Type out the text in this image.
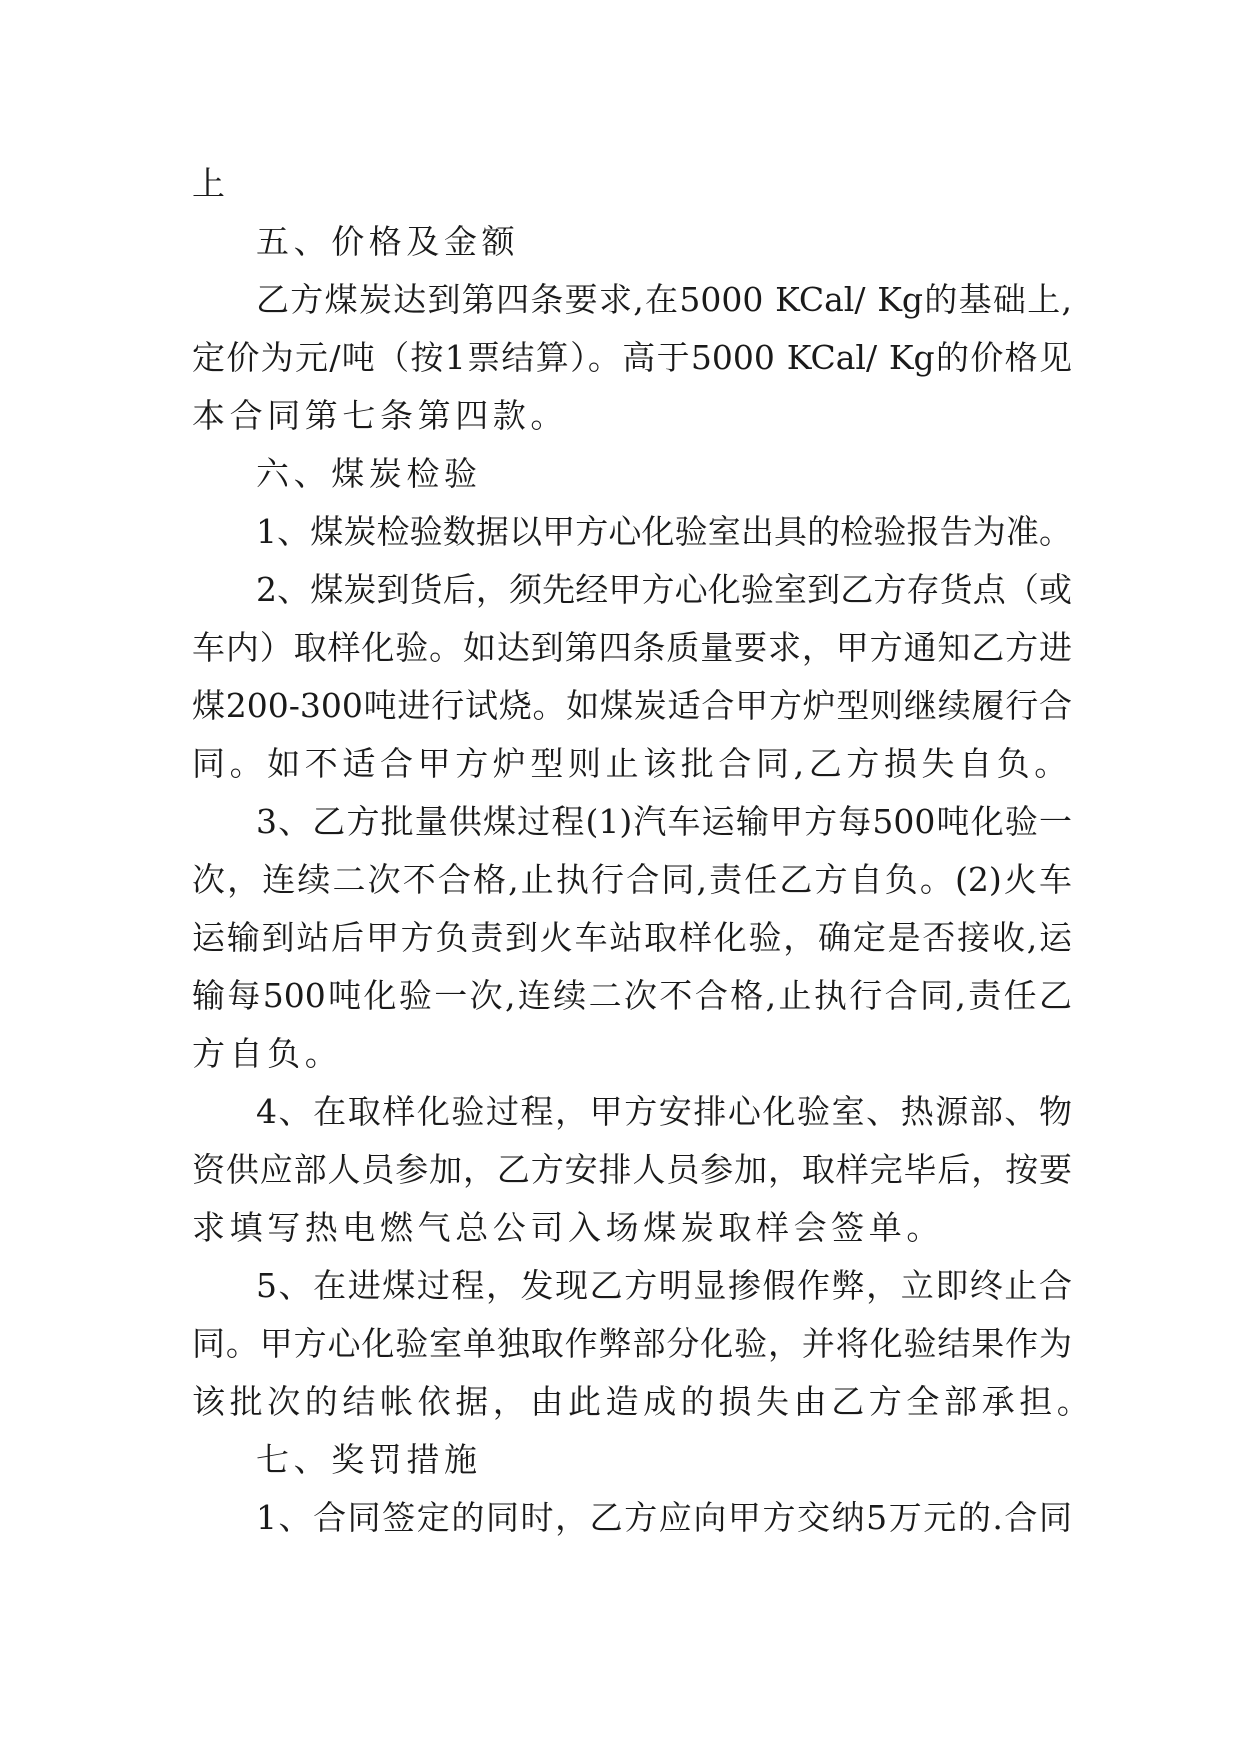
上
五、价格及金额
乙方煤炭达到第四条要求,在5000 KCal/ Kg的基础上,
定价为元/吨（按1票结算）。高于5000 KCal/ Kg的价格见
本合同第七条第四款。
六、煤炭检验
1、煤炭检验数据以甲方心化验室出具的检验报告为准。
2、煤炭到货后，须先经甲方心化验室到乙方存货点（或
车内）取样化验。如达到第四条质量要求，甲方通知乙方进
煤200-300吨进行试烧。如煤炭适合甲方炉型则继续履行合
同。如不适合甲方炉型则止该批合同,乙方损失自负。
3、乙方批量供煤过程(1)汽车运输甲方每500吨化验一
次，连续二次不合格,止执行合同,责任乙方自负。(2)火车
运输到站后甲方负责到火车站取样化验，确定是否接收,运
输每500吨化验一次,连续二次不合格,止执行合同,责任乙
方自负。
4、在取样化验过程，甲方安排心化验室、热源部、物
资供应部人员参加，乙方安排人员参加，取样完毕后，按要
求填写热电燃气总公司入场煤炭取样会签单。
5、在进煤过程，发现乙方明显掺假作弊，立即终止合
同。甲方心化验室单独取作弊部分化验，并将化验结果作为
该批次的结帐依据，由此造成的损失由乙方全部承担。
七、奖罚措施
1、合同签定的同时，乙方应向甲方交纳5万元的.合同
